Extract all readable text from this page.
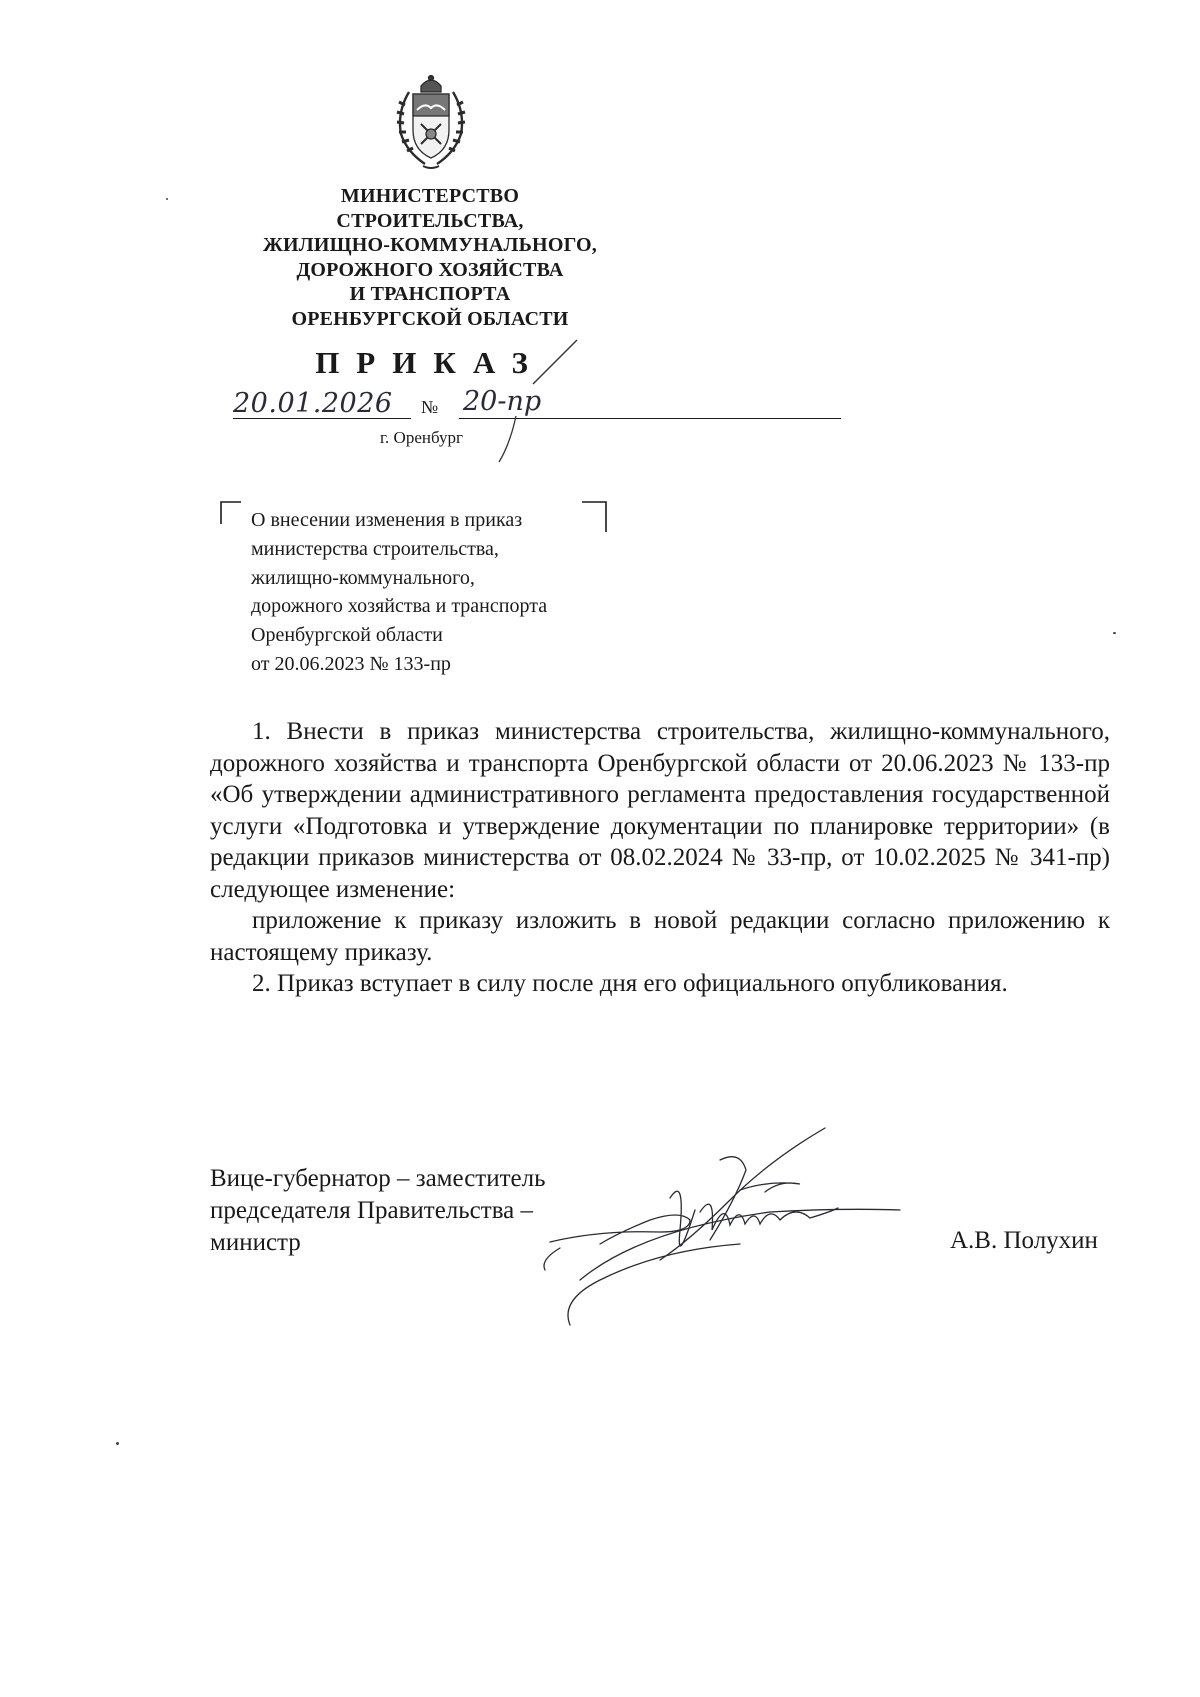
МИНИСТЕРСТВО
СТРОИТЕЛЬСТВА,
ЖИЛИЩНО-КОММУНАЛЬНОГО,
ДОРОЖНОГО ХОЗЯЙСТВА
И ТРАНСПОРТА
ОРЕНБУРГСКОЙ ОБЛАСТИ
ПРИКАЗ
20.01.2026 № 20-пр
г. Оренбург
О внесении изменения в приказ
министерства строительства,
жилищно-коммунального,
дорожного хозяйства и транспорта
Оренбургской области
от 20.06.2023 № 133-пр

1. Внести в приказ министерства строительства, жилищно-коммунального, дорожного хозяйства и транспорта Оренбургской области от 20.06.2023 № 133-пр «Об утверждении административного регламента предоставления государственной услуги «Подготовка и утверждение документации по планировке территории» (в редакции приказов министерства от 08.02.2024 № 33-пр, от 10.02.2025 № 341-пр) следующее изменение:

приложение к приказу изложить в новой редакции согласно приложению к настоящему приказу.

2. Приказ вступает в силу после дня его официального опубликования.

Вице-губернатор – заместитель
председателя Правительства –
министр	А.В. Полухин
